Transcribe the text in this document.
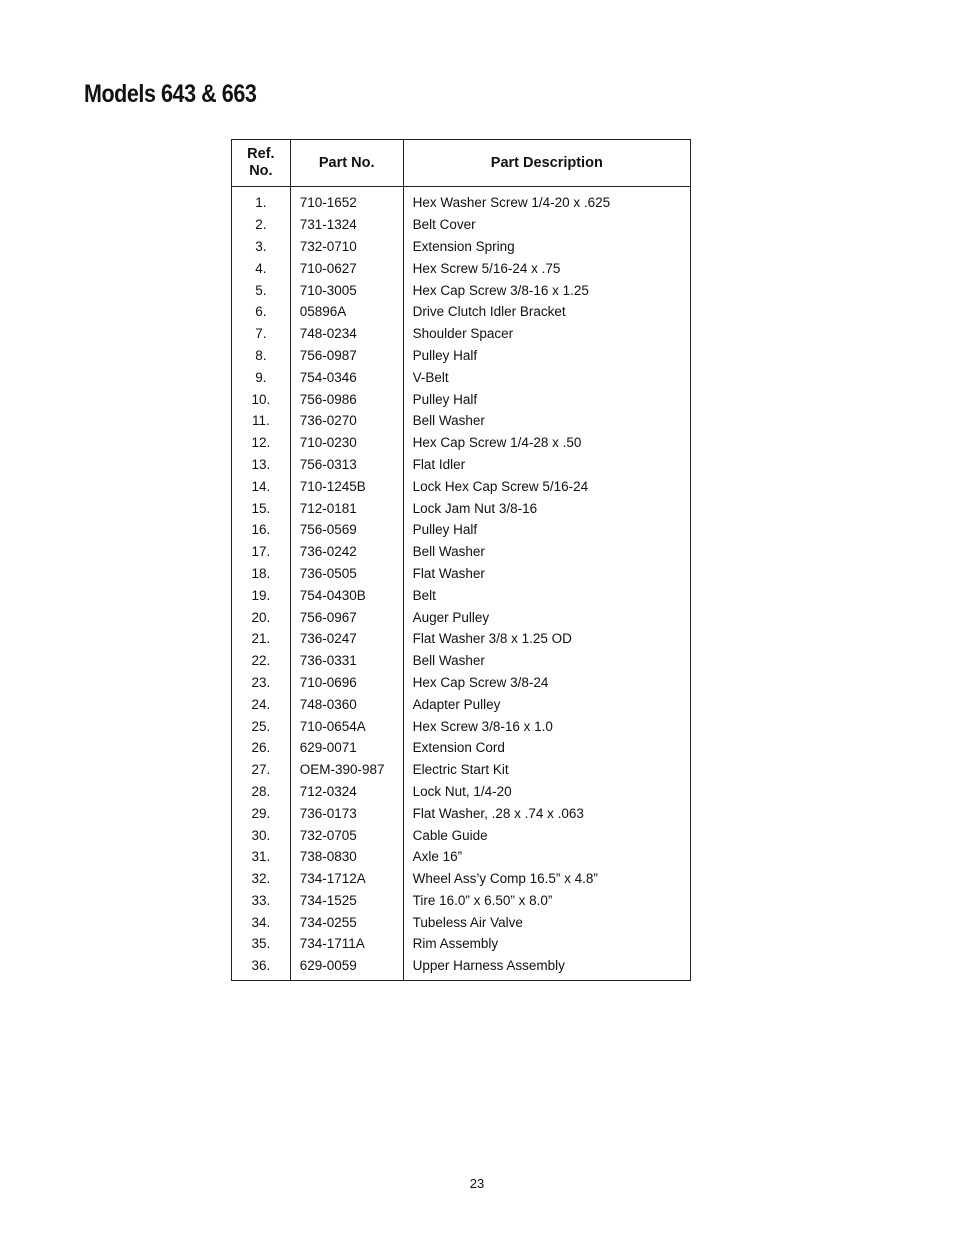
Models 643 & 663
Ref.
No.	Part No.	Part Description
1.	710-1652	Hex Washer Screw 1/4-20 x .625
2.	731-1324	Belt Cover
3.	732-0710	Extension Spring
4.	710-0627	Hex Screw 5/16-24 x .75
5.	710-3005	Hex Cap Screw 3/8-16 x 1.25
6.	05896A	Drive Clutch Idler Bracket
7.	748-0234	Shoulder Spacer
8.	756-0987	Pulley Half
9.	754-0346	V-Belt
10.	756-0986	Pulley Half
11.	736-0270	Bell Washer
12.	710-0230	Hex Cap Screw 1/4-28 x .50
13.	756-0313	Flat Idler
14.	710-1245B	Lock Hex Cap Screw 5/16-24
15.	712-0181	Lock Jam Nut 3/8-16
16.	756-0569	Pulley Half
17.	736-0242	Bell Washer
18.	736-0505	Flat Washer
19.	754-0430B	Belt
20.	756-0967	Auger Pulley
21.	736-0247	Flat Washer 3/8 x 1.25 OD
22.	736-0331	Bell Washer
23.	710-0696	Hex Cap Screw 3/8-24
24.	748-0360	Adapter Pulley
25.	710-0654A	Hex Screw 3/8-16 x 1.0
26.	629-0071	Extension Cord
27.	OEM-390-987	Electric Start Kit
28.	712-0324	Lock Nut, 1/4-20
29.	736-0173	Flat Washer, .28 x .74 x .063
30.	732-0705	Cable Guide
31.	738-0830	Axle 16”
32.	734-1712A	Wheel Ass’y Comp 16.5” x 4.8”
33.	734-1525	Tire 16.0” x 6.50” x 8.0”
34.	734-0255	Tubeless Air Valve
35.	734-1711A	Rim Assembly
36.	629-0059	Upper Harness Assembly
23
